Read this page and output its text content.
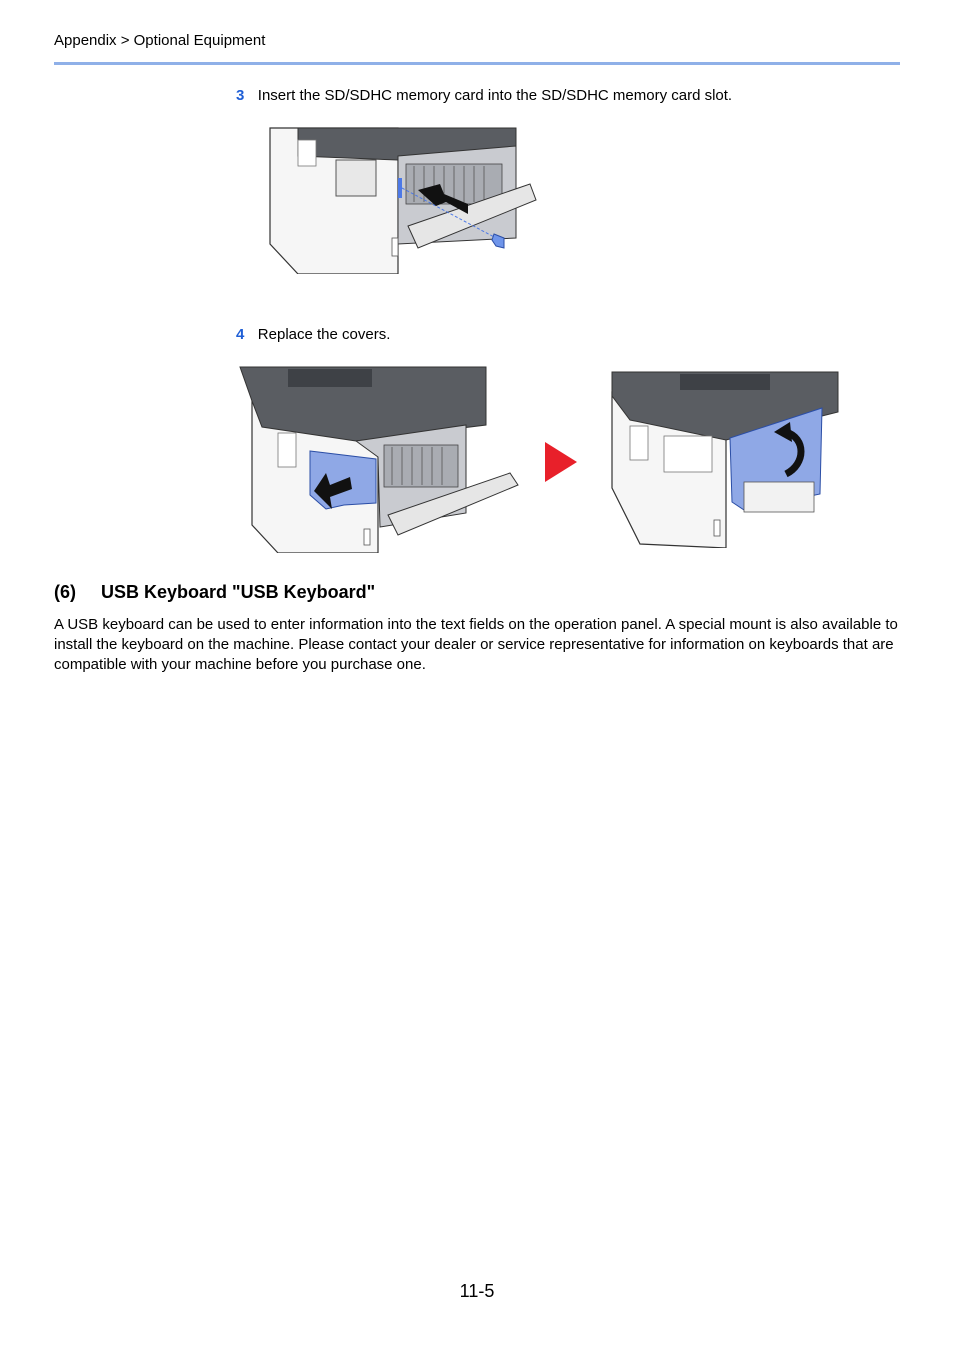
Appendix > Optional Equipment
3 Insert the SD/SDHC memory card into the SD/SDHC memory card slot.
4 Replace the covers.
(6) USB Keyboard "USB Keyboard"
A USB keyboard can be used to enter information into the text fields on the operation panel. A special mount is also available to install the keyboard on the machine. Please contact your dealer or service representative for information on keyboards that are compatible with your machine before you purchase one.
11-5
